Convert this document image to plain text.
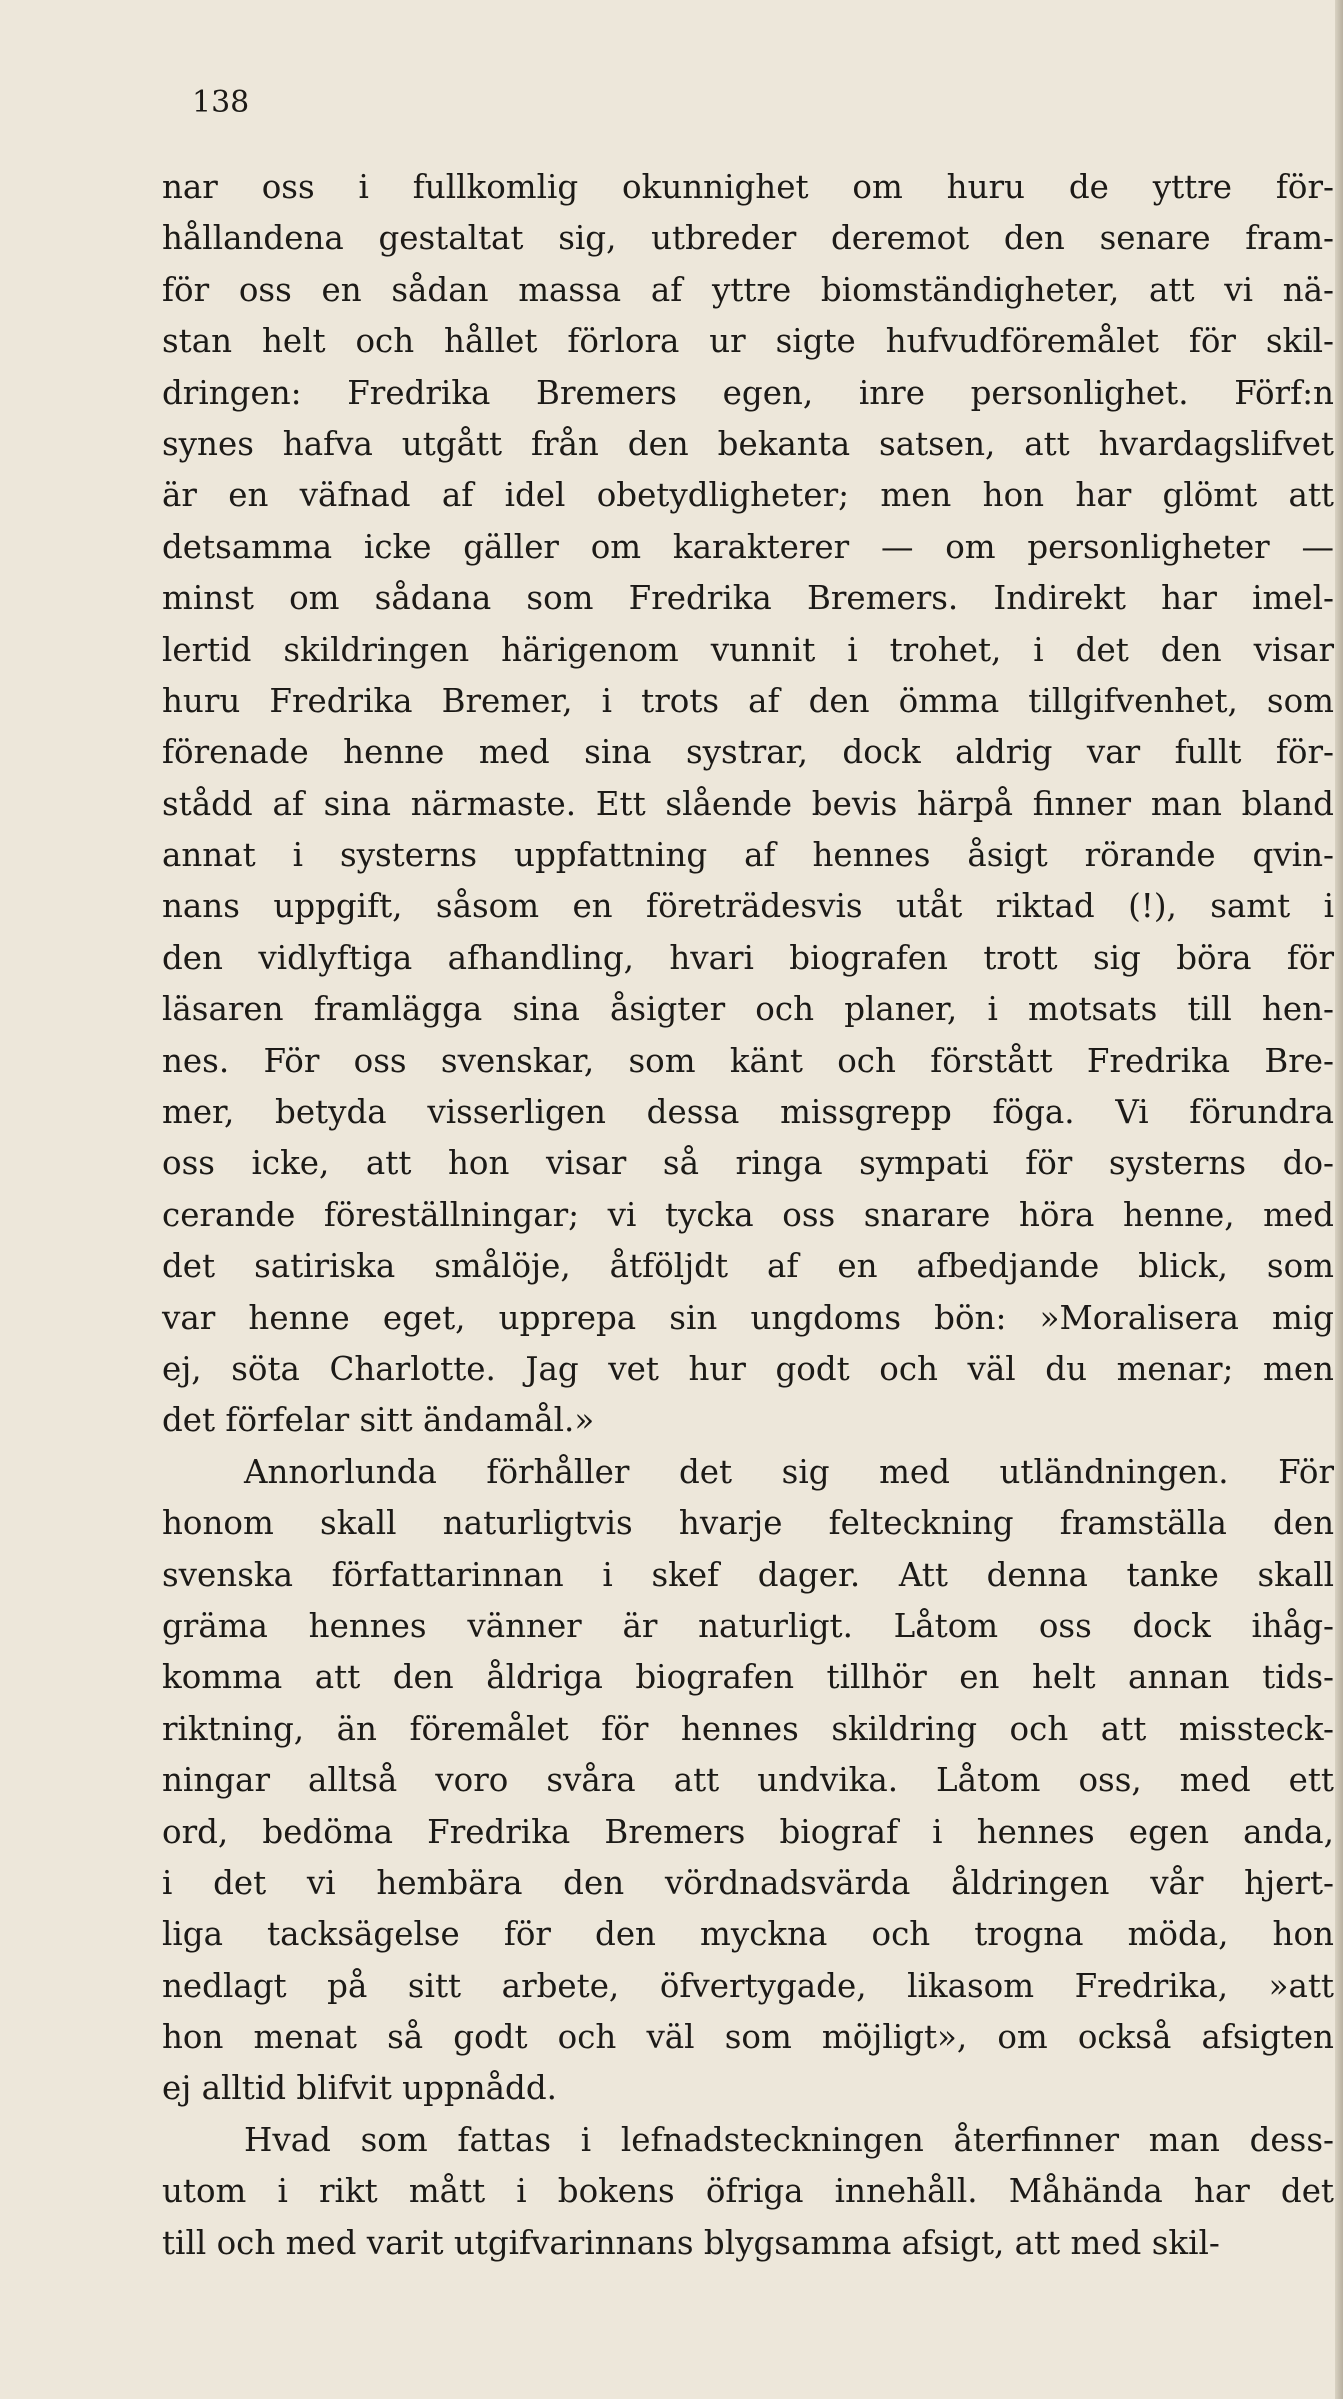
138
nar oss i fullkomlig okunnighet om huru de yttre för-
hållandena gestaltat sig, utbreder deremot den senare fram-
för oss en sådan massa af yttre biomständigheter, att vi nä-
stan helt och hållet förlora ur sigte hufvudföremålet för skil-
dringen: Fredrika Bremers egen, inre personlighet. Förf:n
synes hafva utgått från den bekanta satsen, att hvardagslifvet
är en väfnad af idel obetydligheter; men hon har glömt att
detsamma icke gäller om karakterer — om personligheter —
minst om sådana som Fredrika Bremers. Indirekt har imel-
lertid skildringen härigenom vunnit i trohet, i det den visar
huru Fredrika Bremer, i trots af den ömma tillgifvenhet, som
förenade henne med sina systrar, dock aldrig var fullt för-
stådd af sina närmaste. Ett slående bevis härpå finner man bland
annat i systerns uppfattning af hennes åsigt rörande qvin-
nans uppgift, såsom en företrädesvis utåt riktad (!), samt i
den vidlyftiga afhandling, hvari biografen trott sig böra för
läsaren framlägga sina åsigter och planer, i motsats till hen-
nes. För oss svenskar, som känt och förstått Fredrika Bre-
mer, betyda visserligen dessa missgrepp föga. Vi förundra
oss icke, att hon visar så ringa sympati för systerns do-
cerande föreställningar; vi tycka oss snarare höra henne, med
det satiriska smålöje, åtföljdt af en afbedjande blick, som
var henne eget, upprepa sin ungdoms bön: »Moralisera mig
ej, söta Charlotte. Jag vet hur godt och väl du menar; men
det förfelar sitt ändamål.»
Annorlunda förhåller det sig med utländningen. För
honom skall naturligtvis hvarje felteckning framställa den
svenska författarinnan i skef dager. Att denna tanke skall
gräma hennes vänner är naturligt. Låtom oss dock ihåg-
komma att den åldriga biografen tillhör en helt annan tids-
riktning, än föremålet för hennes skildring och att missteck-
ningar alltså voro svåra att undvika. Låtom oss, med ett
ord, bedöma Fredrika Bremers biograf i hennes egen anda,
i det vi hembära den vördnadsvärda åldringen vår hjert-
liga tacksägelse för den myckna och trogna möda, hon
nedlagt på sitt arbete, öfvertygade, likasom Fredrika, »att
hon menat så godt och väl som möjligt», om också afsigten
ej alltid blifvit uppnådd.
Hvad som fattas i lefnadsteckningen återfinner man dess-
utom i rikt mått i bokens öfriga innehåll. Måhända har det
till och med varit utgifvarinnans blygsamma afsigt, att med skil-
